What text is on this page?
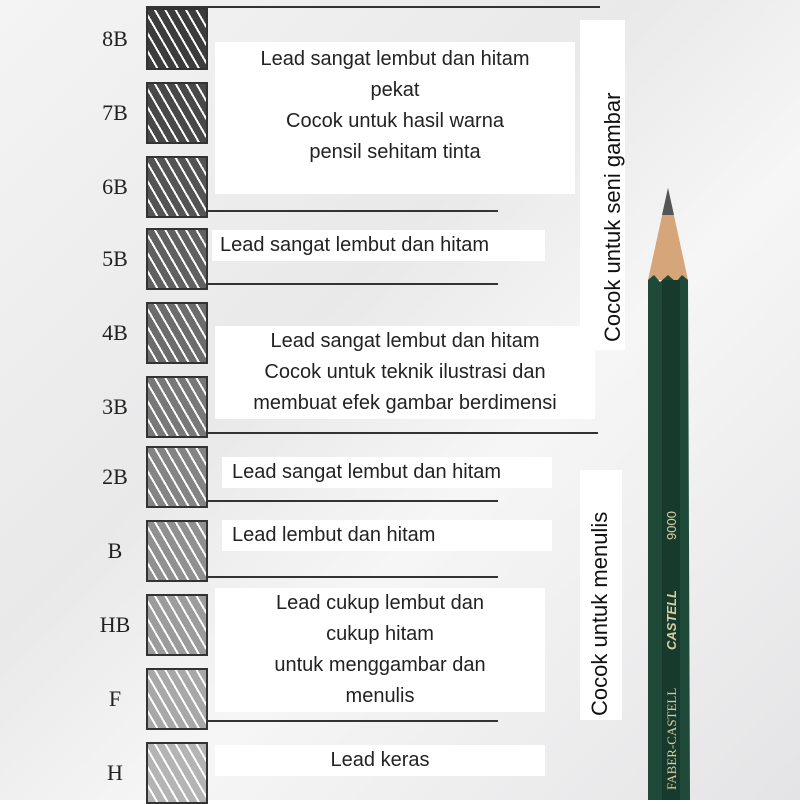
8B
7B
6B
5B
4B
3B
2B
B
HB
F
H
Lead sangat lembut dan hitam
pekat
Cocok untuk hasil warna
pensil sehitam tinta
Lead sangat lembut dan hitam
Lead sangat lembut dan hitam
Cocok untuk teknik ilustrasi dan
membuat efek gambar berdimensi
Lead sangat lembut dan hitam
Lead lembut dan hitam
Lead cukup lembut dan
cukup hitam
untuk menggambar dan
menulis
Lead keras
Cocok untuk seni gambar
Cocok untuk menulis
FABER-CASTELL
CASTELL
9000
